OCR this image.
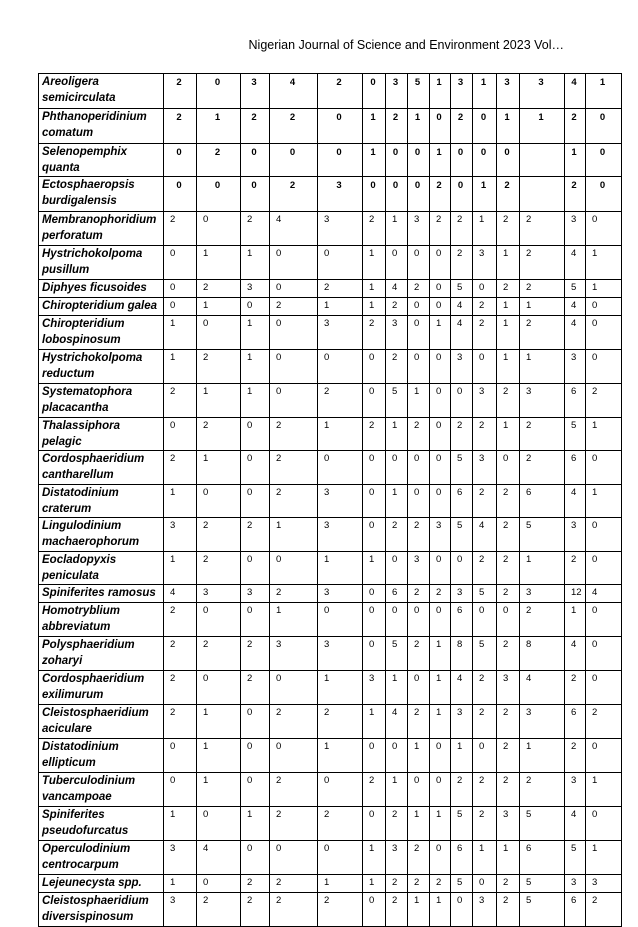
Nigerian Journal of Science and Environment 2023 Vol…
Areoligera semicirculata	2	0	3	4	2	0	3	5	1	3	1	3	3	4	1
Phthanoperidinium comatum	2	1	2	2	0	1	2	1	0	2	0	1	1	2	0
Selenopemphix quanta	0	2	0	0	0	1	0	0	1	0	0	0		1	0
Ectosphaeropsis burdigalensis	0	0	0	2	3	0	0	0	2	0	1	2		2	0
Membranophoridium perforatum	2	0	2	4	3	2	1	3	2	2	1	2	2	3	0
Hystrichokolpoma pusillum	0	1	1	0	0	1	0	0	0	2	3	1	2	4	1
Diphyes ficusoides	0	2	3	0	2	1	4	2	0	5	0	2	2	5	1
Chiropteridium galea	0	1	0	2	1	1	2	0	0	4	2	1	1	4	0
Chiropteridium lobospinosum	1	0	1	0	3	2	3	0	1	4	2	1	2	4	0
Hystrichokolpoma reductum	1	2	1	0	0	0	2	0	0	3	0	1	1	3	0
Systematophora placacantha	2	1	1	0	2	0	5	1	0	0	3	2	3	6	2
Thalassiphora pelagic	0	2	0	2	1	2	1	2	0	2	2	1	2	5	1
Cordosphaeridium cantharellum	2	1	0	2	0	0	0	0	0	5	3	0	2	6	0
Distatodinium craterum	1	0	0	2	3	0	1	0	0	6	2	2	6	4	1
Lingulodinium machaerophorum	3	2	2	1	3	0	2	2	3	5	4	2	5	3	0
Eocladopyxis peniculata	1	2	0	0	1	1	0	3	0	0	2	2	1	2	0
Spiniferites ramosus	4	3	3	2	3	0	6	2	2	3	5	2	3	12	4
Homotryblium abbreviatum	2	0	0	1	0	0	0	0	0	6	0	0	2	1	0
Polysphaeridium zoharyi	2	2	2	3	3	0	5	2	1	8	5	2	8	4	0
Cordosphaeridium exilimurum	2	0	2	0	1	3	1	0	1	4	2	3	4	2	0
Cleistosphaeridium aciculare	2	1	0	2	2	1	4	2	1	3	2	2	3	6	2
Distatodinium ellipticum	0	1	0	0	1	0	0	1	0	1	0	2	1	2	0
Tuberculodinium vancampoae	0	1	0	2	0	2	1	0	0	2	2	2	2	3	1
Spiniferites pseudofurcatus	1	0	1	2	2	0	2	1	1	5	2	3	5	4	0
Operculodinium centrocarpum	3	4	0	0	0	1	3	2	0	6	1	1	6	5	1
Lejeunecysta spp.	1	0	2	2	1	1	2	2	2	5	0	2	5	3	3
Cleistosphaeridium diversispinosum	3	2	2	2	2	0	2	1	1	0	3	2	5	6	2
